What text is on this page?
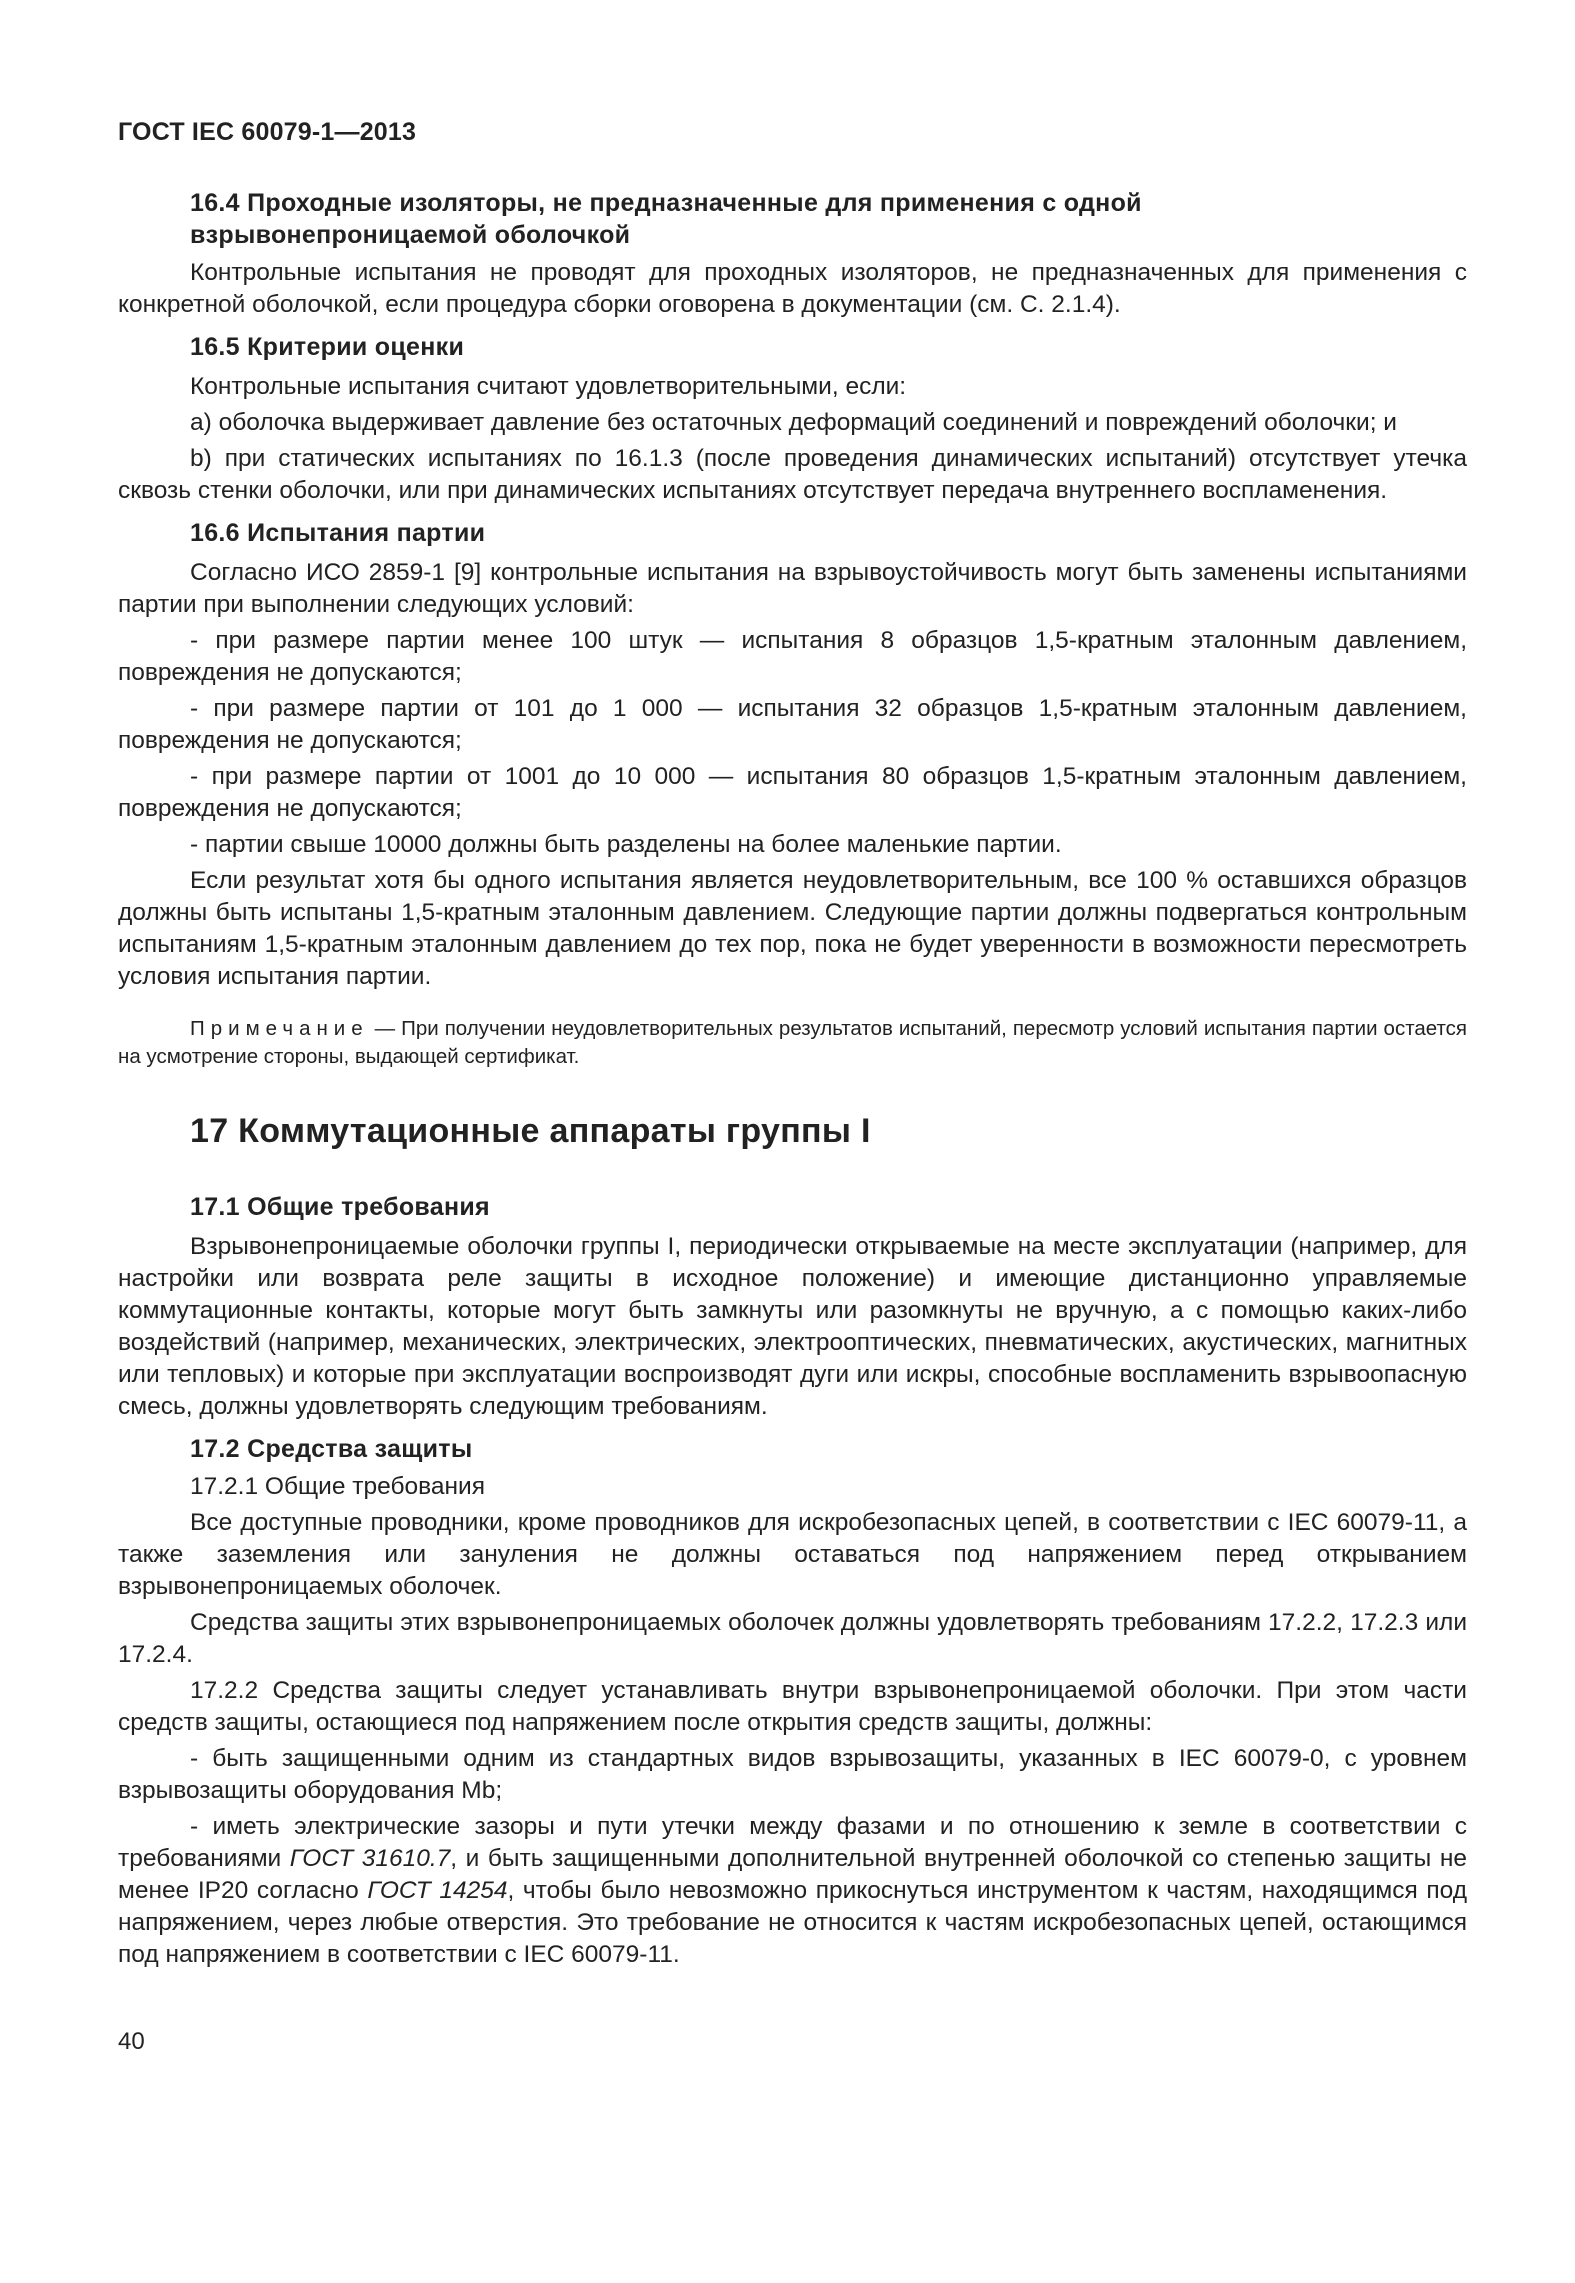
ГОСТ IEC 60079-1—2013
16.4 Проходные изоляторы, не предназначенные для применения с одной
взрывонепроницаемой оболочкой

Контрольные испытания не проводят для проходных изоляторов, не предназначенных для применения с конкретной оболочкой, если процедура сборки оговорена в документации (см. С. 2.1.4).

16.5 Критерии оценки

Контрольные испытания считают удовлетворительными, если:

a) оболочка выдерживает давление без остаточных деформаций соединений и повреждений оболочки; и

b) при статических испытаниях по 16.1.3 (после проведения динамических испытаний) отсутствует утечка сквозь стенки оболочки, или при динамических испытаниях отсутствует передача внутреннего воспламенения.

16.6 Испытания партии

Согласно ИСО 2859-1 [9] контрольные испытания на взрывоустойчивость могут быть заменены испытаниями партии при выполнении следующих условий:

- при размере партии менее 100 штук — испытания 8 образцов 1,5-кратным эталонным давлением, повреждения не допускаются;

- при размере партии от 101 до 1 000 — испытания 32 образцов 1,5-кратным эталонным давлением, повреждения не допускаются;

- при размере партии от 1001 до 10 000 — испытания 80 образцов 1,5-кратным эталонным давлением, повреждения не допускаются;

- партии свыше 10000 должны быть разделены на более маленькие партии.

Если результат хотя бы одного испытания является неудовлетворительным, все 100 % оставшихся образцов должны быть испытаны 1,5-кратным эталонным давлением. Следующие партии должны подвергаться контрольным испытаниям 1,5-кратным эталонным давлением до тех пор, пока не будет уверенности в возможности пересмотреть условия испытания партии.

Примечание — При получении неудовлетворительных результатов испытаний, пересмотр условий испытания партии остается на усмотрение стороны, выдающей сертификат.

17 Коммутационные аппараты группы I
17.1 Общие требования

Взрывонепроницаемые оболочки группы I, периодически открываемые на месте эксплуатации (например, для настройки или возврата реле защиты в исходное положение) и имеющие дистанционно управляемые коммутационные контакты, которые могут быть замкнуты или разомкнуты не вручную, а с помощью каких-либо воздействий (например, механических, электрических, электрооптических, пневматических, акустических, магнитных или тепловых) и которые при эксплуатации воспроизводят дуги или искры, способные воспламенить взрывоопасную смесь, должны удовлетворять следующим требованиям.

17.2 Средства защиты

17.2.1 Общие требования

Все доступные проводники, кроме проводников для искробезопасных цепей, в соответствии с IEC 60079-11, а также заземления или зануления не должны оставаться под напряжением перед открыванием взрывонепроницаемых оболочек.

Средства защиты этих взрывонепроницаемых оболочек должны удовлетворять требованиям 17.2.2, 17.2.3 или 17.2.4.

17.2.2 Средства защиты следует устанавливать внутри взрывонепроницаемой оболочки. При этом части средств защиты, остающиеся под напряжением после открытия средств защиты, должны:

- быть защищенными одним из стандартных видов взрывозащиты, указанных в IEC 60079-0, с уровнем взрывозащиты оборудования Mb;

- иметь электрические зазоры и пути утечки между фазами и по отношению к земле в соответствии с требованиями ГОСТ 31610.7, и быть защищенными дополнительной внутренней оболочкой со степенью защиты не менее IP20 согласно ГОСТ 14254, чтобы было невозможно прикоснуться инструментом к частям, находящимся под напряжением, через любые отверстия. Это требование не относится к частям искробезопасных цепей, остающимся под напряжением в соответствии с IEC 60079-11.

40
